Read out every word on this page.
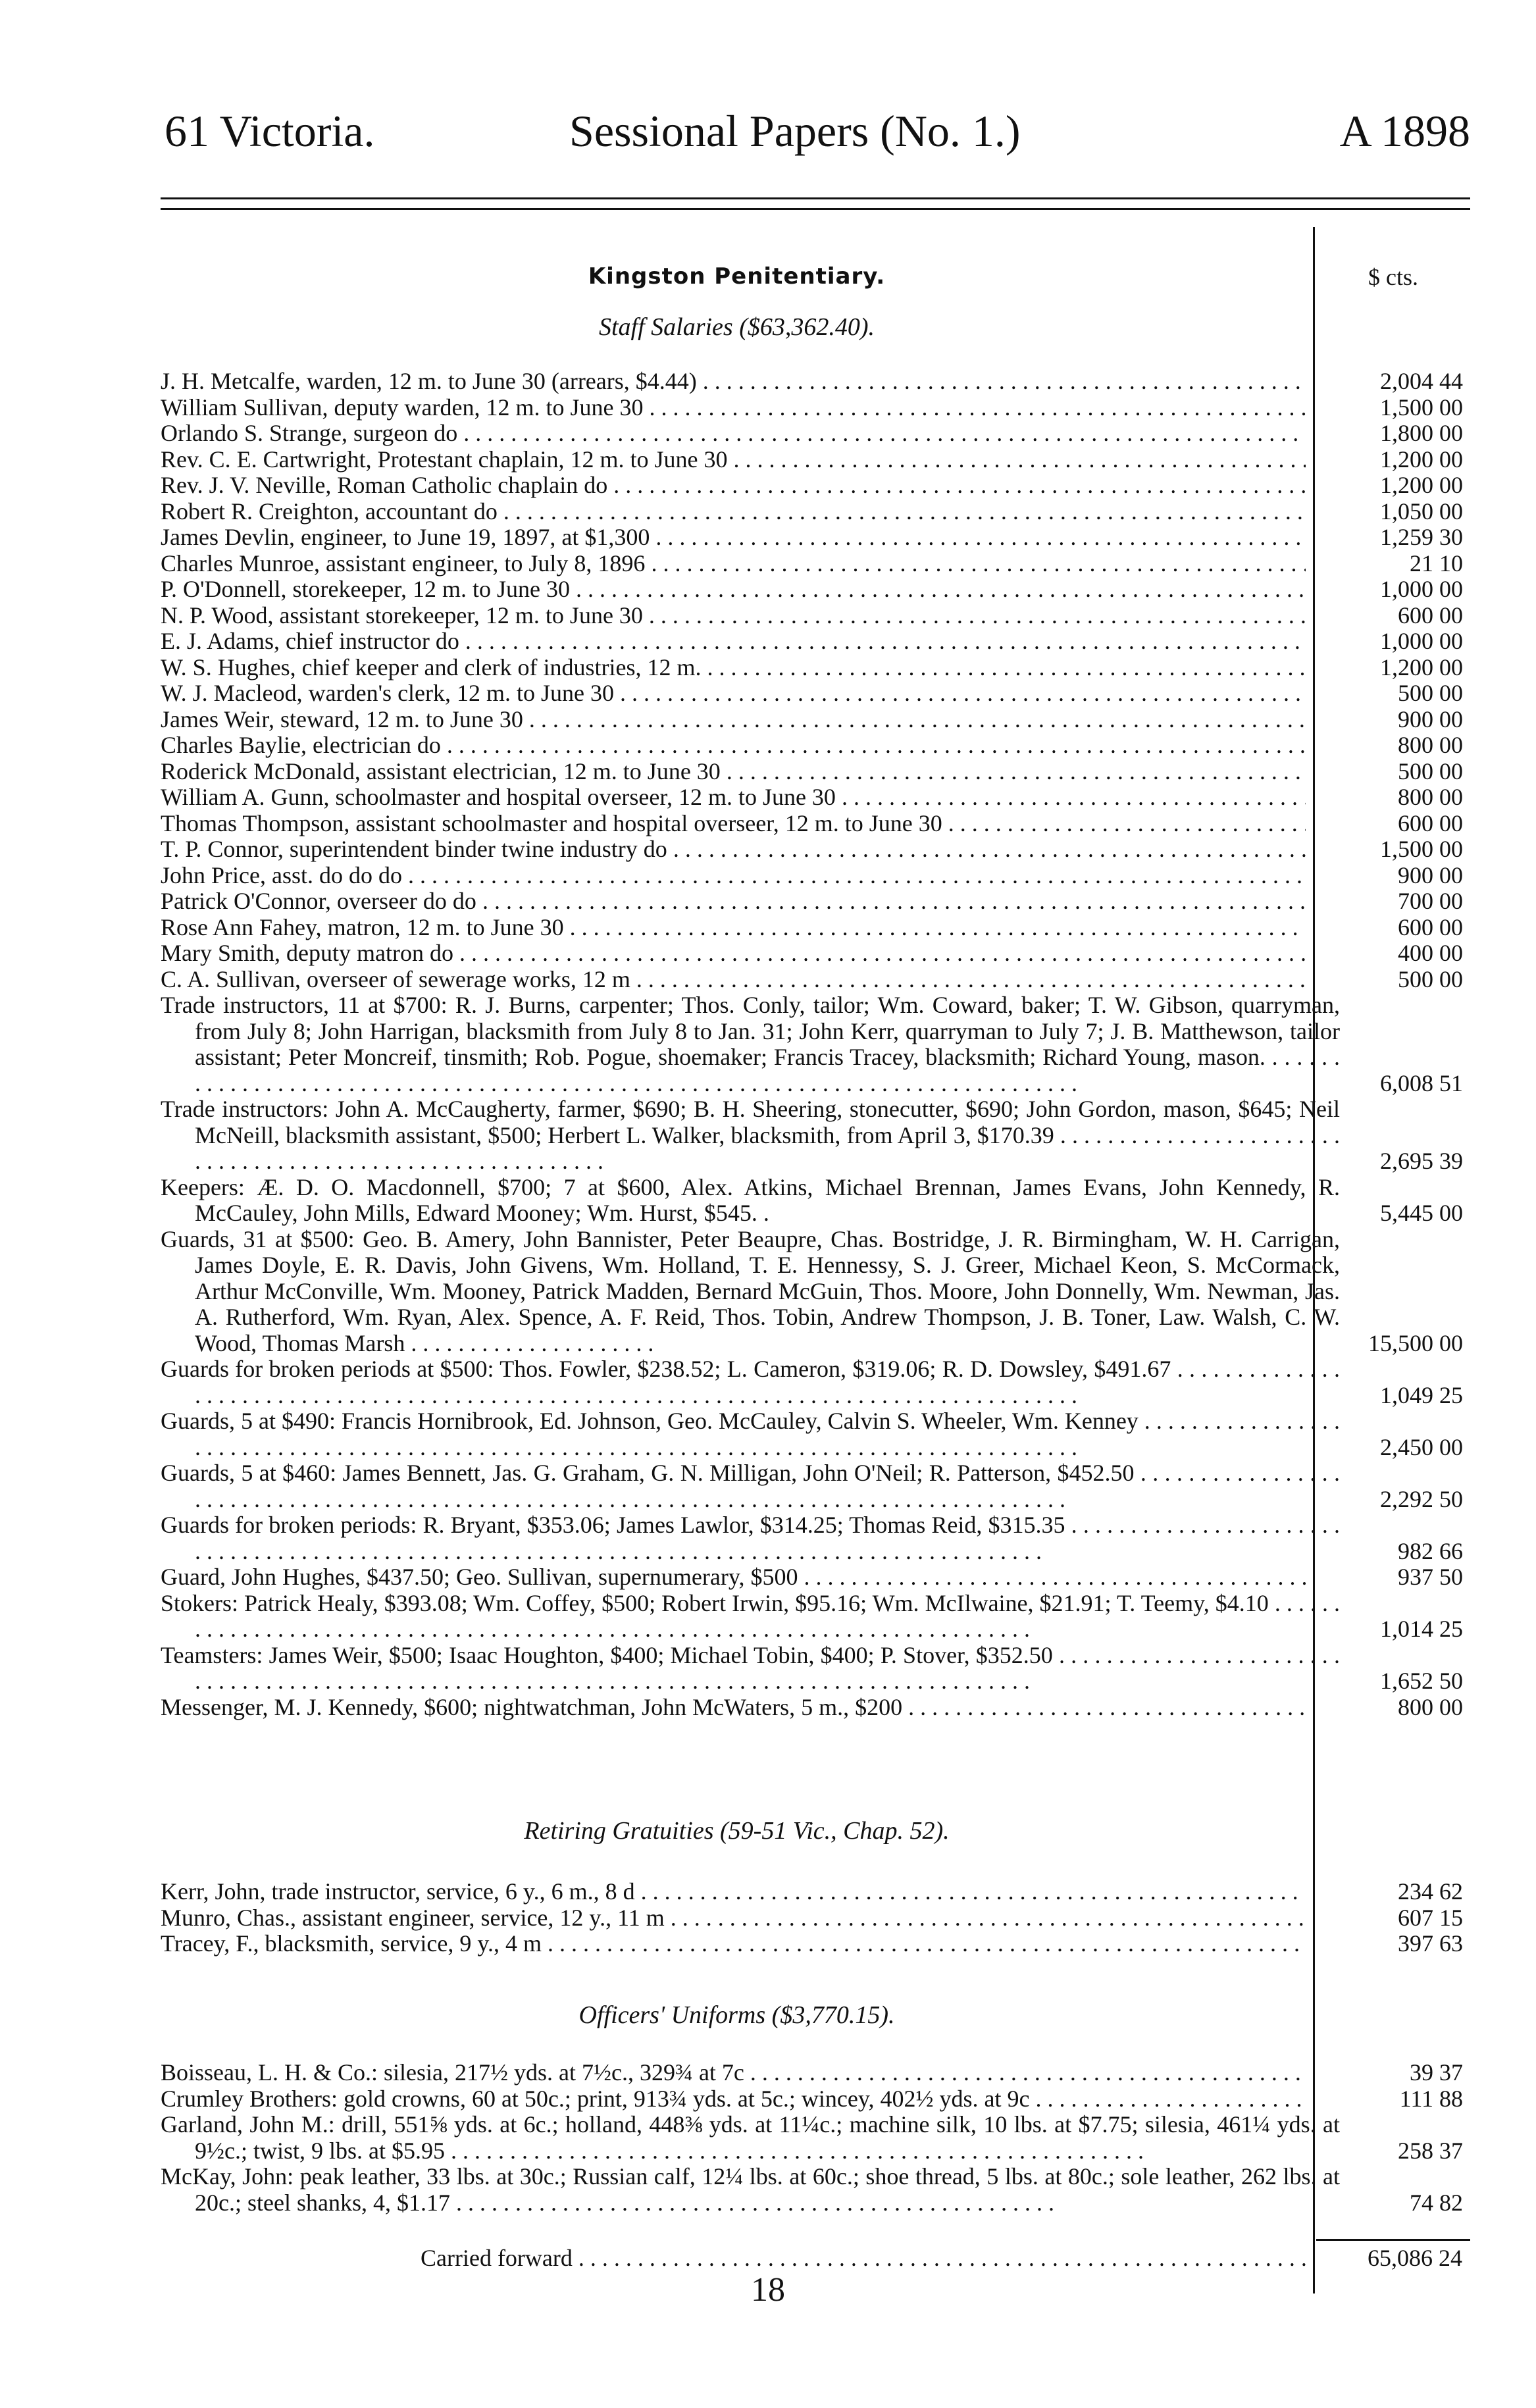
61 Victoria.	Sessional Papers (No. 1.)	A 1898
Kingston Penitentiary.	$ cts.
Staff Salaries ($63,362.40).
J. H. Metcalfe, warden, 12 m. to June 30 (arrears, $4.44) . . .	2,004 44
William Sullivan, deputy warden, 12 m. to June 30 . . .	1,500 00
Orlando S. Strange, surgeon do . . .	1,800 00
Rev. C. E. Cartwright, Protestant chaplain, 12 m. to June 30 . . .	1,200 00
Rev. J. V. Neville, Roman Catholic chaplain do . . .	1,200 00
Robert R. Creighton, accountant do . . .	1,050 00
James Devlin, engineer, to June 19, 1897, at $1,300 . . .	1,259 30
Charles Munroe, assistant engineer, to July 8, 1896 . . .	21 10
P. O'Donnell, storekeeper, 12 m. to June 30 . . .	1,000 00
N. P. Wood, assistant storekeeper, 12 m. to June 30 . . .	600 00
E. J. Adams, chief instructor do . . .	1,000 00
W. S. Hughes, chief keeper and clerk of industries, 12 m. . . .	1,200 00
W. J. Macleod, warden's clerk, 12 m. to June 30 . . .	500 00
James Weir, steward, 12 m. to June 30 . . .	900 00
Charles Baylie, electrician do . . .	800 00
Roderick McDonald, assistant electrician, 12 m. to June 30 . . .	500 00
William A. Gunn, schoolmaster and hospital overseer, 12 m. to June 30 . . .	800 00
Thomas Thompson, assistant schoolmaster and hospital overseer, 12 m. to June 30 . . .	600 00
T. P. Connor, superintendent binder twine industry do . . .	1,500 00
John Price, asst. do do do . . .	900 00
Patrick O'Connor, overseer do do . . .	700 00
Rose Ann Fahey, matron, 12 m. to June 30 . . .	600 00
Mary Smith, deputy matron do . . .	400 00
C. A. Sullivan, overseer of sewerage works, 12 m . . .	500 00
Trade instructors, 11 at $700: R. J. Burns, carpenter; Thos. Conly, tailor; Wm. Coward, baker; T. W. Gibson, quarryman, from July 8; John Harrigan, blacksmith from July 8 to Jan. 31; John Kerr, quarryman to July 7; J. B. Matthewson, tailor assistant; Peter Moncreif, tinsmith; Rob. Pogue, shoemaker; Francis Tracey, blacksmith; Richard Young, mason. . . . . . . . . . . . . . . . . . . . . . . . . . . . . . . . . . . . . . . . . . . . . . . . . . . . . . . . . . . . . . . . . . . . . . . . . . . . . . . . . .	6,008 51
Trade instructors: John A. McCaugherty, farmer, $690; B. H. Sheering, stonecutter, $690; John Gordon, mason, $645; Neil McNeill, blacksmith assistant, $500; Herbert L. Walker, blacksmith, from April 3, $170.39 . . . . . . . . . . . . . . . . . . . . . . . . . . . . . . . . . . . . . . . . . . . . . . . . . . . . . . . . . . .	2,695 39
Keepers: Æ. D. O. Macdonnell, $700; 7 at $600, Alex. Atkins, Michael Brennan, James Evans, John Kennedy, R. McCauley, John Mills, Edward Mooney; Wm. Hurst, $545. .	5,445 00
Guards, 31 at $500: Geo. B. Amery, John Bannister, Peter Beaupre, Chas. Bostridge, J. R. Birmingham, W. H. Carrigan, James Doyle, E. R. Davis, John Givens, Wm. Holland, T. E. Hennessy, S. J. Greer, Michael Keon, S. McCormack, Arthur McConville, Wm. Mooney, Patrick Madden, Bernard McGuin, Thos. Moore, John Donnelly, Wm. Newman, Jas. A. Rutherford, Wm. Ryan, Alex. Spence, A. F. Reid, Thos. Tobin, Andrew Thompson, J. B. Toner, Law. Walsh, C. W. Wood, Thomas Marsh . . . . . . . . . . . . . . . . . . . . .	15,500 00
Guards for broken periods at $500: Thos. Fowler, $238.52; L. Cameron, $319.06; R. D. Dowsley, $491.67 . . . . . . . . . . . . . . . . . . . . . . . . . . . . . . . . . . . . . . . . . . . . . . . . . . . . . . . . . . . . . . . . . . . . . . . . . . . . . . . . . . . . . . . . .	1,049 25
Guards, 5 at $490: Francis Hornibrook, Ed. Johnson, Geo. McCauley, Calvin S. Wheeler, Wm. Kenney . . . . . . . . . . . . . . . . . . . . . . . . . . . . . . . . . . . . . . . . . . . . . . . . . . . . . . . . . . . . . . . . . . . . . . . . . . . . . . . . . . . . . . . . . . . .	2,450 00
Guards, 5 at $460: James Bennett, Jas. G. Graham, G. N. Milligan, John O'Neil; R. Patterson, $452.50 . . . . . . . . . . . . . . . . . . . . . . . . . . . . . . . . . . . . . . . . . . . . . . . . . . . . . . . . . . . . . . . . . . . . . . . . . . . . . . . . . . . . . . . . . . .	2,292 50
Guards for broken periods: R. Bryant, $353.06; James Lawlor, $314.25; Thomas Reid, $315.35 . . . . . . . . . . . . . . . . . . . . . . . . . . . . . . . . . . . . . . . . . . . . . . . . . . . . . . . . . . . . . . . . . . . . . . . . . . . . . . . . . . . . . . . . . . . . . . .	982 66
Guard, John Hughes, $437.50; Geo. Sullivan, supernumerary, $500 . . .	937 50
Stokers: Patrick Healy, $393.08; Wm. Coffey, $500; Robert Irwin, $95.16; Wm. McIlwaine, $21.91; T. Teemy, $4.10 . . . . . . . . . . . . . . . . . . . . . . . . . . . . . . . . . . . . . . . . . . . . . . . . . . . . . . . . . . . . . . . . . . . . . . . . . . . . .	1,014 25
Teamsters: James Weir, $500; Isaac Houghton, $400; Michael Tobin, $400; P. Stover, $352.50 . . . . . . . . . . . . . . . . . . . . . . . . . . . . . . . . . . . . . . . . . . . . . . . . . . . . . . . . . . . . . . . . . . . . . . . . . . . . . . . . . . . . . . . . . . . . . . .	1,652 50
Messenger, M. J. Kennedy, $600; nightwatchman, John McWaters, 5 m., $200 . . .	800 00
Retiring Gratuities (59-51 Vic., Chap. 52).
Kerr, John, trade instructor, service, 6 y., 6 m., 8 d . . .	234 62
Munro, Chas., assistant engineer, service, 12 y., 11 m . . .	607 15
Tracey, F., blacksmith, service, 9 y., 4 m . . .	397 63
Officers' Uniforms ($3,770.15).
Boisseau, L. H. & Co.: silesia, 217½ yds. at 7½c., 329¾ at 7c . . .	39 37
Crumley Brothers: gold crowns, 60 at 50c.; print, 913¾ yds. at 5c.; wincey, 402½ yds. at 9c . . . . .	111 88
Garland, John M.: drill, 551⅝ yds. at 6c.; holland, 448⅜ yds. at 11¼c.; machine silk, 10 lbs. at $7.75; silesia, 461¼ yds. at 9½c.; twist, 9 lbs. at $5.95 . . . . . . . . . . . . . . . . . . . . . . . . . . . . . . . . . . . . . . . . . . . . . . . . . . . . . . . . . . .	258 37
McKay, John: peak leather, 33 lbs. at 30c.; Russian calf, 12¼ lbs. at 60c.; shoe thread, 5 lbs. at 80c.; sole leather, 262 lbs. at 20c.; steel shanks, 4, $1.17 . . . . . . . . . . . . . . . . . . . . . . . . . . . . . . . . . . . . . . . . . . . . . . . . . . .	74 82
Carried forward . . .	65,086 24
18
